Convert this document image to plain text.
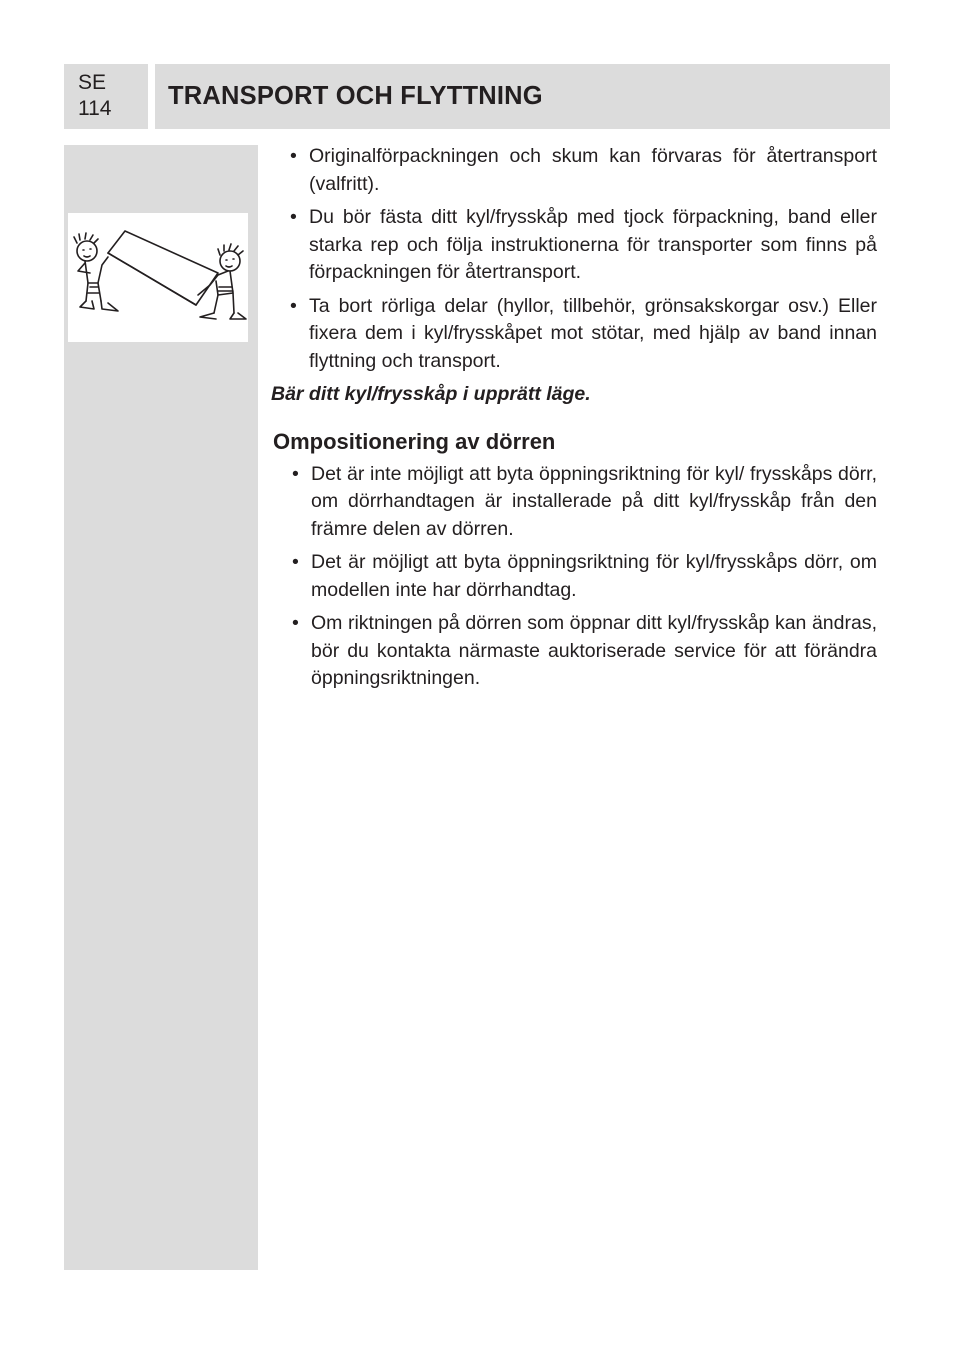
SE
114	TRANSPORT OCH FLYTTNING
• Originalförpackningen och skum kan förvaras för återtransport (valfritt).
• Du bör fästa ditt kyl/frysskåp med tjock förpackning, band eller starka rep och följa instruktionerna för transporter som finns på förpackningen för återtransport.
• Ta bort rörliga delar (hyllor, tillbehör, grönsakskorgar osv.) Eller fixera dem i kyl/frysskåpet mot stötar, med hjälp av band innan flyttning och transport.
Bär ditt kyl/frysskåp i upprätt läge.
Ompositionering av dörren
• Det är inte möjligt att byta öppningsriktning för kyl/ frysskåps dörr, om dörrhandtagen är installerade på ditt kyl/frysskåp från den främre delen av dörren.
• Det är möjligt att byta öppningsriktning för kyl/frysskåps dörr, om modellen inte har dörrhandtag.
• Om riktningen på dörren som öppnar ditt kyl/frysskåp kan ändras, bör du kontakta närmaste auktoriserade service för att förändra öppningsriktningen.
